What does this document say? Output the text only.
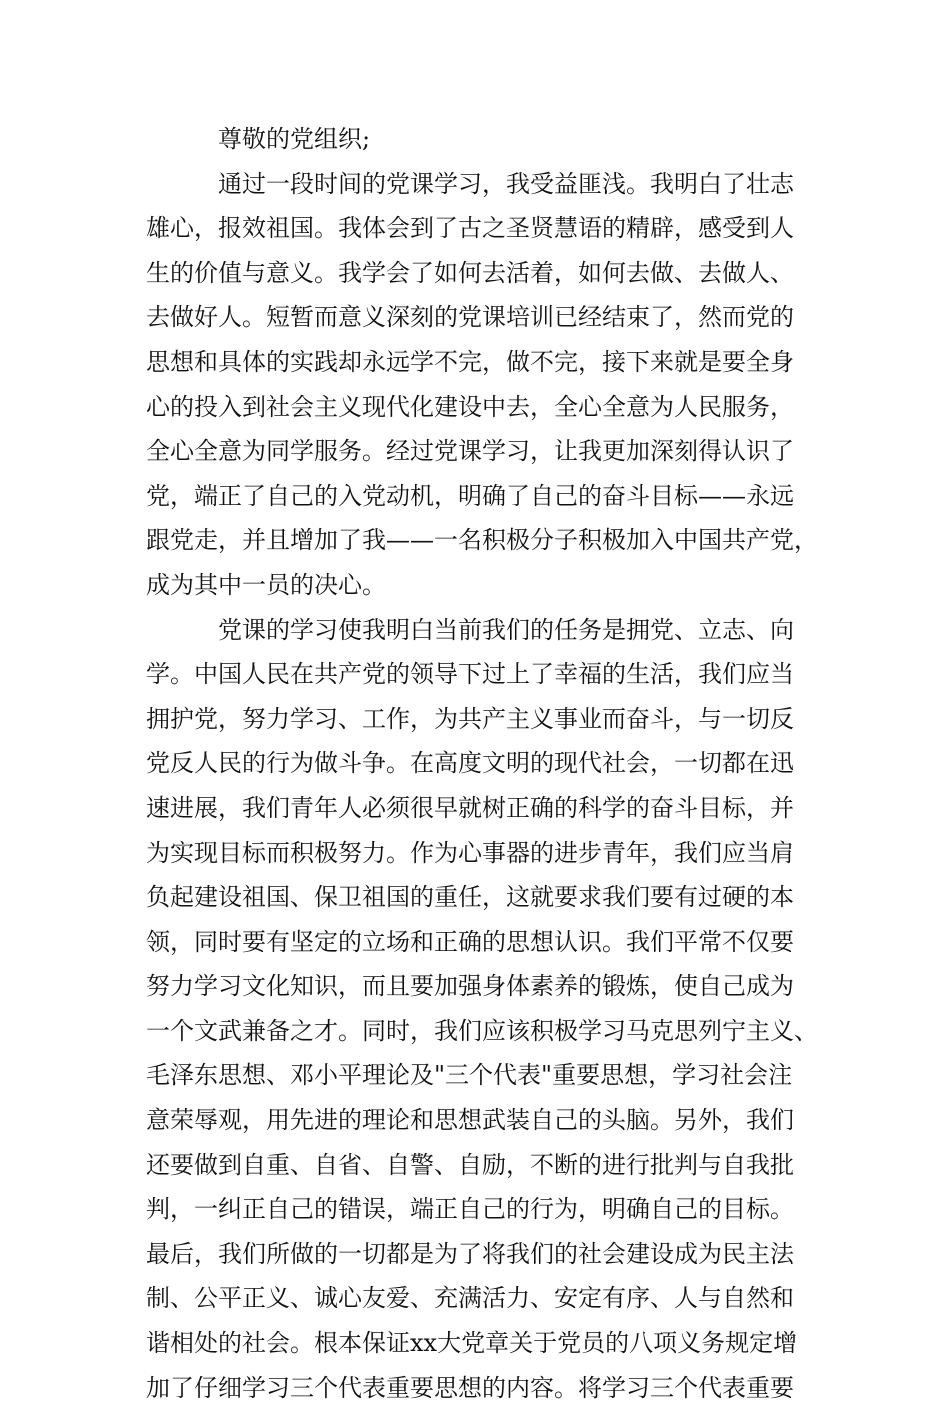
尊敬的党组织;
通过一段时间的党课学习，我受益匪浅。我明白了壮志
雄心，报效祖国。我体会到了古之圣贤慧语的精辟，感受到人
生的价值与意义。我学会了如何去活着，如何去做、去做人、
去做好人。短暂而意义深刻的党课培训已经结束了，然而党的
思想和具体的实践却永远学不完，做不完，接下来就是要全身
心的投入到社会主义现代化建设中去，全心全意为人民服务，
全心全意为同学服务。经过党课学习，让我更加深刻得认识了
党，端正了自己的入党动机，明确了自己的奋斗目标——永远
跟党走，并且增加了我——一名积极分子积极加入中国共产党，
成为其中一员的决心。
党课的学习使我明白当前我们的任务是拥党、立志、向
学。中国人民在共产党的领导下过上了幸福的生活，我们应当
拥护党，努力学习、工作，为共产主义事业而奋斗，与一切反
党反人民的行为做斗争。在高度文明的现代社会，一切都在迅
速进展，我们青年人必须很早就树正确的科学的奋斗目标，并
为实现目标而积极努力。作为心事器的进步青年，我们应当肩
负起建设祖国、保卫祖国的重任，这就要求我们要有过硬的本
领，同时要有坚定的立场和正确的思想认识。我们平常不仅要
努力学习文化知识，而且要加强身体素养的锻炼，使自己成为
一个文武兼备之才。同时，我们应该积极学习马克思列宁主义、
毛泽东思想、邓小平理论及"三个代表"重要思想，学习社会注
意荣辱观，用先进的理论和思想武装自己的头脑。另外，我们
还要做到自重、自省、自警、自励，不断的进行批判与自我批
判，一纠正自己的错误，端正自己的行为，明确自己的目标。
最后，我们所做的一切都是为了将我们的社会建设成为民主法
制、公平正义、诚心友爱、充满活力、安定有序、人与自然和
谐相处的社会。根本保证xx大党章关于党员的八项义务规定增
加了仔细学习三个代表重要思想的内容。将学习三个代表重要
